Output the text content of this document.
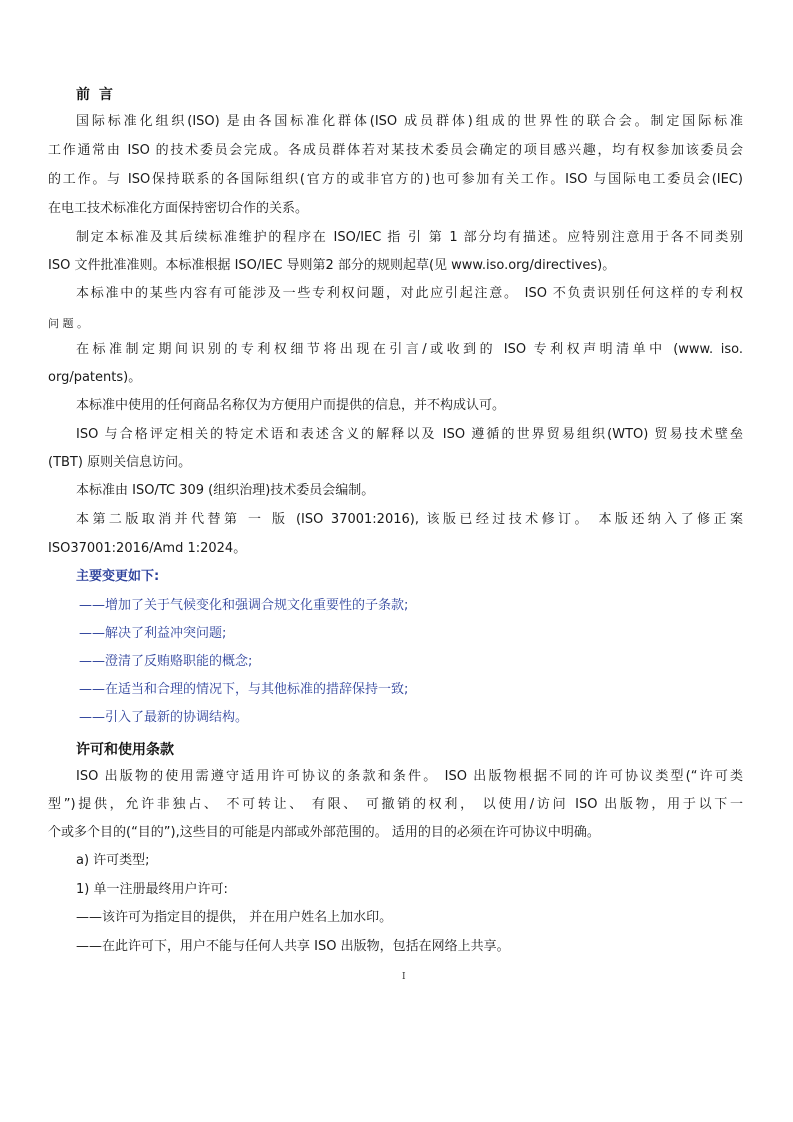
前 言
国际标准化组织(ISO) 是由各国标准化群体(ISO 成员群体)组成的世界性的联合会。制定国际标准
工作通常由 ISO 的技术委员会完成。各成员群体若对某技术委员会确定的项目感兴趣，均有权参加该委员会
的工作。与 ISO保持联系的各国际组织(官方的或非官方的)也可参加有关工作。ISO 与国际电工委员会(IEC)
在电工技术标准化方面保持密切合作的关系。
制定本标准及其后续标准维护的程序在 ISO/IEC 指 引 第 1 部分均有描述。应特别注意用于各不同类别
ISO 文件批准准则。本标准根据 ISO/IEC 导则第2 部分的规则起草(见 www.iso.org/directives)。
本标准中的某些内容有可能涉及一些专利权问题，对此应引起注意。 ISO 不负责识别任何这样的专利权
问 题 。
在标准制定期间识别的专利权细节将出现在引言/或收到的 ISO 专利权声明清单中 (www. iso.
org/patents)。
本标准中使用的任何商品名称仅为方便用户而提供的信息，并不构成认可。
ISO 与合格评定相关的特定术语和表述含义的解释以及 ISO 遵循的世界贸易组织(WTO) 贸易技术壁垒
(TBT) 原则关信息访问。
本标准由 ISO/TC 309 (组织治理)技术委员会编制。
本第二版取消并代替第 一 版 (ISO 37001:2016), 该版已经过技术修订。 本版还纳入了修正案
ISO37001:2016/Amd 1:2024。
主要变更如下:
——增加了关于气候变化和强调合规文化重要性的子条款;
——解决了利益冲突问题;
——澄清了反贿赂职能的概念;
——在适当和合理的情况下，与其他标准的措辞保持一致;
——引入了最新的协调结构。
许可和使用条款
ISO 出版物的使用需遵守适用许可协议的条款和条件。 ISO 出版物根据不同的许可协议类型(“许可类
型”)提供，允许非独占、 不可转让、 有限、 可撤销的权利， 以使用/访问 ISO 出版物，用于以下一
个或多个目的(“目的”),这些目的可能是内部或外部范围的。 适用的目的必须在许可协议中明确。
a) 许可类型;
1) 单一注册最终用户许可:
——该许可为指定目的提供， 并在用户姓名上加水印。
——在此许可下，用户不能与任何人共享 ISO 出版物，包括在网络上共享。
I
